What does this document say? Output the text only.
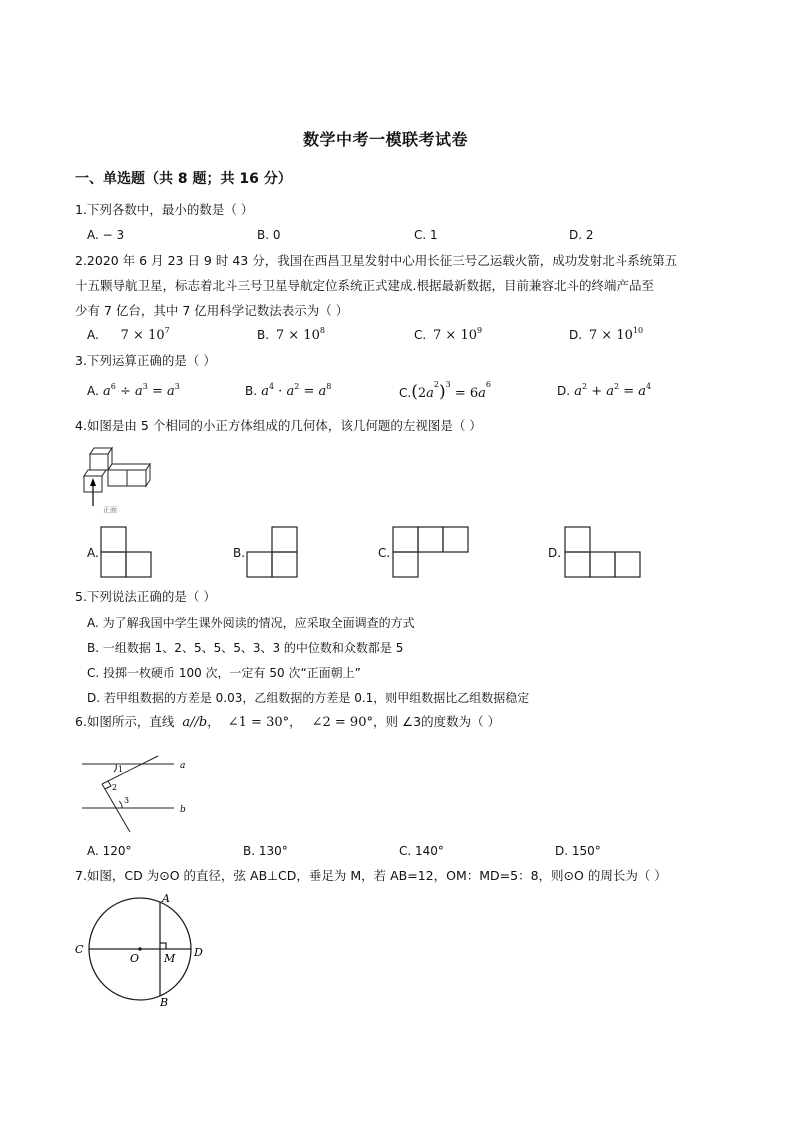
数学中考一模联考试卷
一、单选题（共 8 题；共 16 分）
1.下列各数中，最小的数是（ ）
A. − 3	B. 0	C. 1	D. 2
2.2020 年 6 月 23 日 9 时 43 分，我国在西昌卫星发射中心用长征三号乙运载火箭，成功发射北斗系统第五
十五颗导航卫星，标志着北斗三号卫星导航定位系统正式建成.根据最新数据，目前兼容北斗的终端产品至
少有 7 亿台，其中 7 亿用科学记数法表示为（ ）
A. $7 \times 10^7$	B. $7 \times 10^8$	C. $7 \times 10^9$	D. $7 \times 10^{10}$
3.下列运算正确的是（ ）
A. $a^6 \div a^3 = a^3$	B. $a^4 \cdot a^2 = a^8$	$C.(2a^2)^3 = 6a^6$	D. $a^2 + a^2 = a^4$
4.如图是由 5 个相同的小正方体组成的几何体，该几何题的左视图是（ ）
正面
A.	B.	C.	D.
5.下列说法正确的是（ ）
A. 为了解我国中学生课外阅读的情况，应采取全面调查的方式
B. 一组数据 1、2、5、5、5、3、3 的中位数和众数都是 5
C. 投掷一枚硬币 100 次，一定有 50 次“正面朝上”
D. 若甲组数据的方差是 0.03，乙组数据的方差是 0.1，则甲组数据比乙组数据稳定
6.如图所示，直线 a//b， ∠1 = 30°， ∠2 = 90°，则 ∠3的度数为（ ）
a
b
1
2
3
A. 120°	B. 130°	C. 140°	D. 150°
7.如图，CD 为⊙O 的直径，弦 AB⊥CD，垂足为 M，若 AB=12，OM：MD=5：8，则⊙O 的周长为（ ）
A
B
C	D
O M
